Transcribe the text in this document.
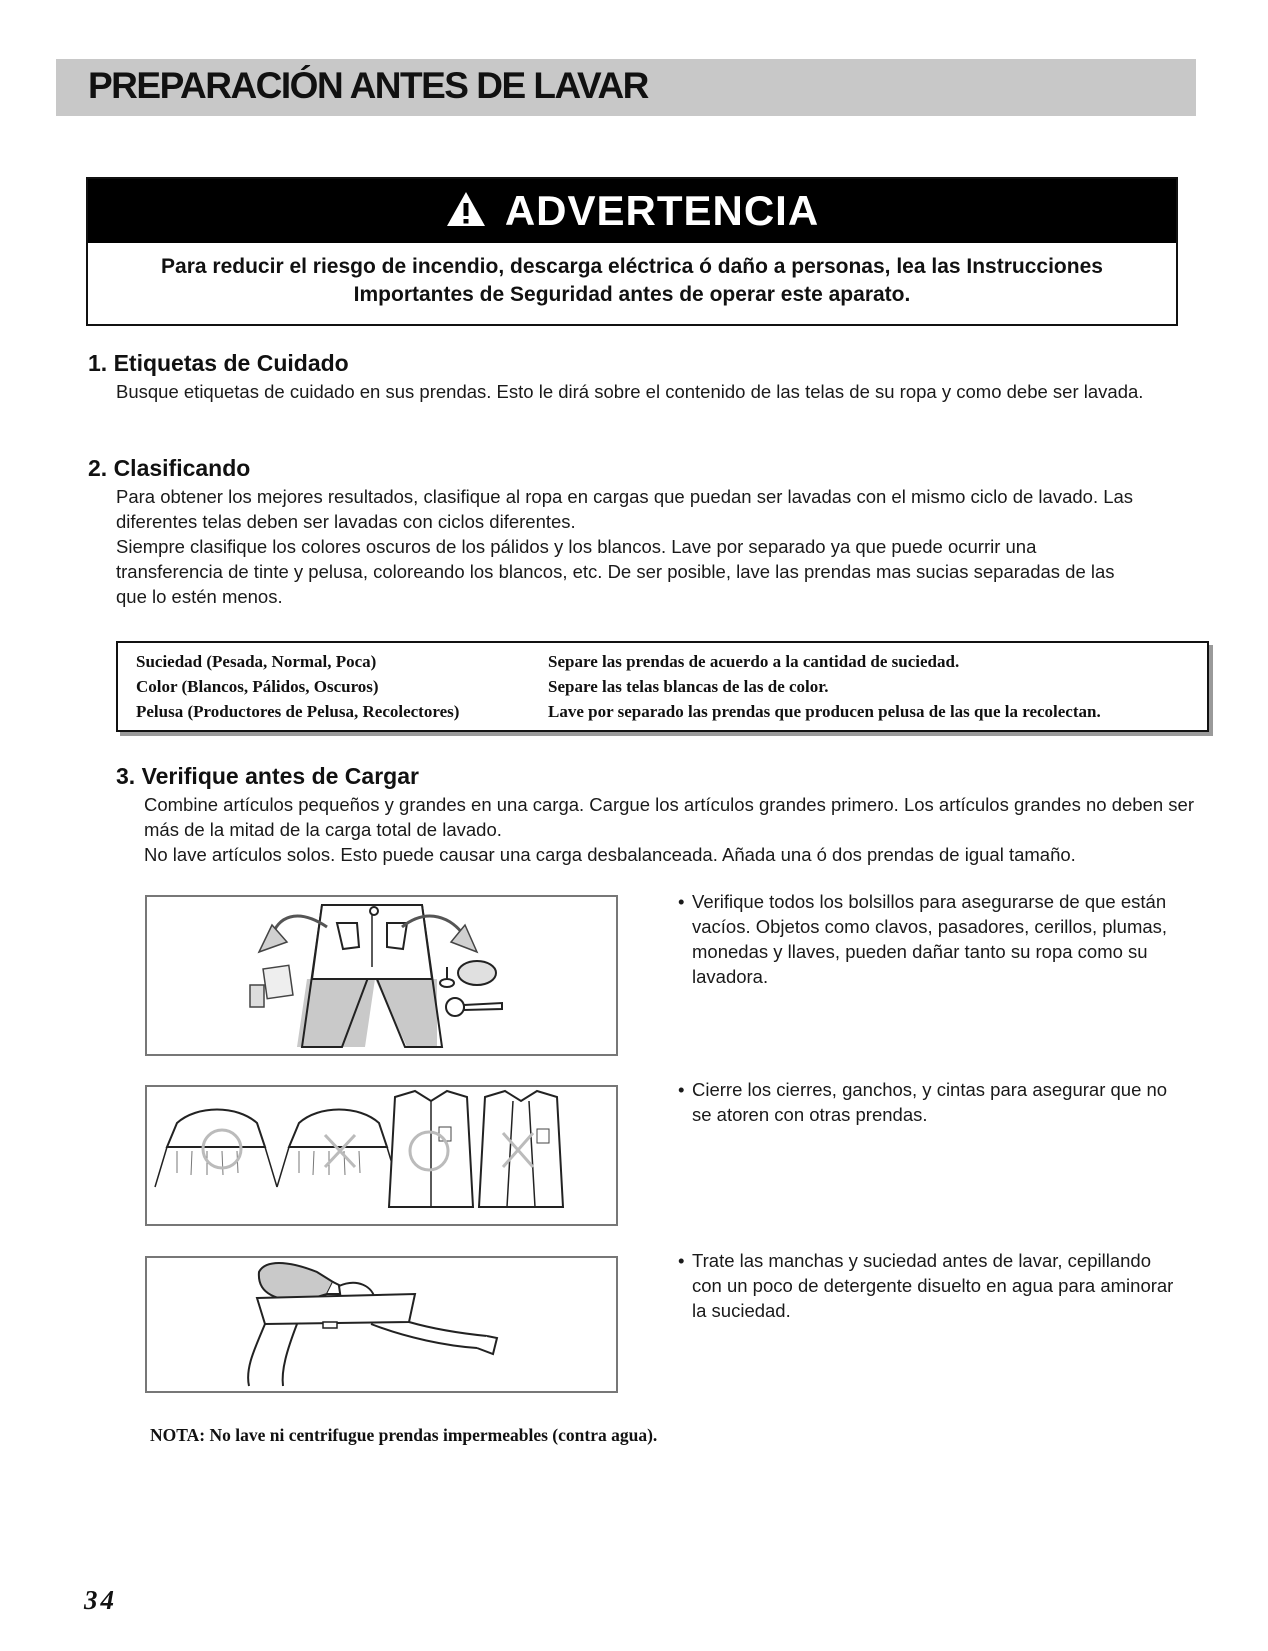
PREPARACIÓN ANTES DE LAVAR
ADVERTENCIA

Para reducir el riesgo de incendio, descarga eléctrica ó daño a personas, lea las Instrucciones Importantes de Seguridad antes de operar este aparato.

1. Etiquetas de Cuidado

Busque etiquetas de cuidado en sus prendas. Esto le dirá sobre el contenido de las telas de su ropa y como debe ser lavada.

2. Clasificando

Para obtener los mejores resultados, clasifique al ropa en cargas que puedan ser lavadas con el mismo ciclo de lavado. Las diferentes telas deben ser lavadas con ciclos diferentes.

Siempre clasifique los colores oscuros de los pálidos y los blancos. Lave por separado ya que puede ocurrir una transferencia de tinte y pelusa, coloreando los blancos, etc. De ser posible, lave las prendas mas sucias separadas de las que lo estén menos.

Suciedad (Pesada, Normal, Poca)	Separe las prendas de acuerdo a la cantidad de suciedad.
Color (Blancos, Pálidos, Oscuros)	Separe las telas blancas de las de color.
Pelusa (Productores de Pelusa, Recolectores)	Lave por separado las prendas que producen pelusa de las que la recolectan.
3. Verifique antes de Cargar

Combine artículos pequeños y grandes en una carga. Cargue los artículos grandes primero. Los artículos grandes no deben ser más de la mitad de la carga total de lavado.

No lave artículos solos. Esto puede causar una carga desbalanceada. Añada una ó dos prendas de igual tamaño.

• Verifique todos los bolsillos para asegurarse de que están vacíos. Objetos como clavos, pasadores, cerillos, plumas, monedas y llaves, pueden dañar tanto su ropa como su lavadora.

• Cierre los cierres, ganchos, y cintas para asegurar que no se atoren con otras prendas.

• Trate las manchas y suciedad antes de lavar, cepillando con un poco de detergente disuelto en agua para aminorar la suciedad.

NOTA: No lave ni centrifugue prendas impermeables (contra agua).

34
